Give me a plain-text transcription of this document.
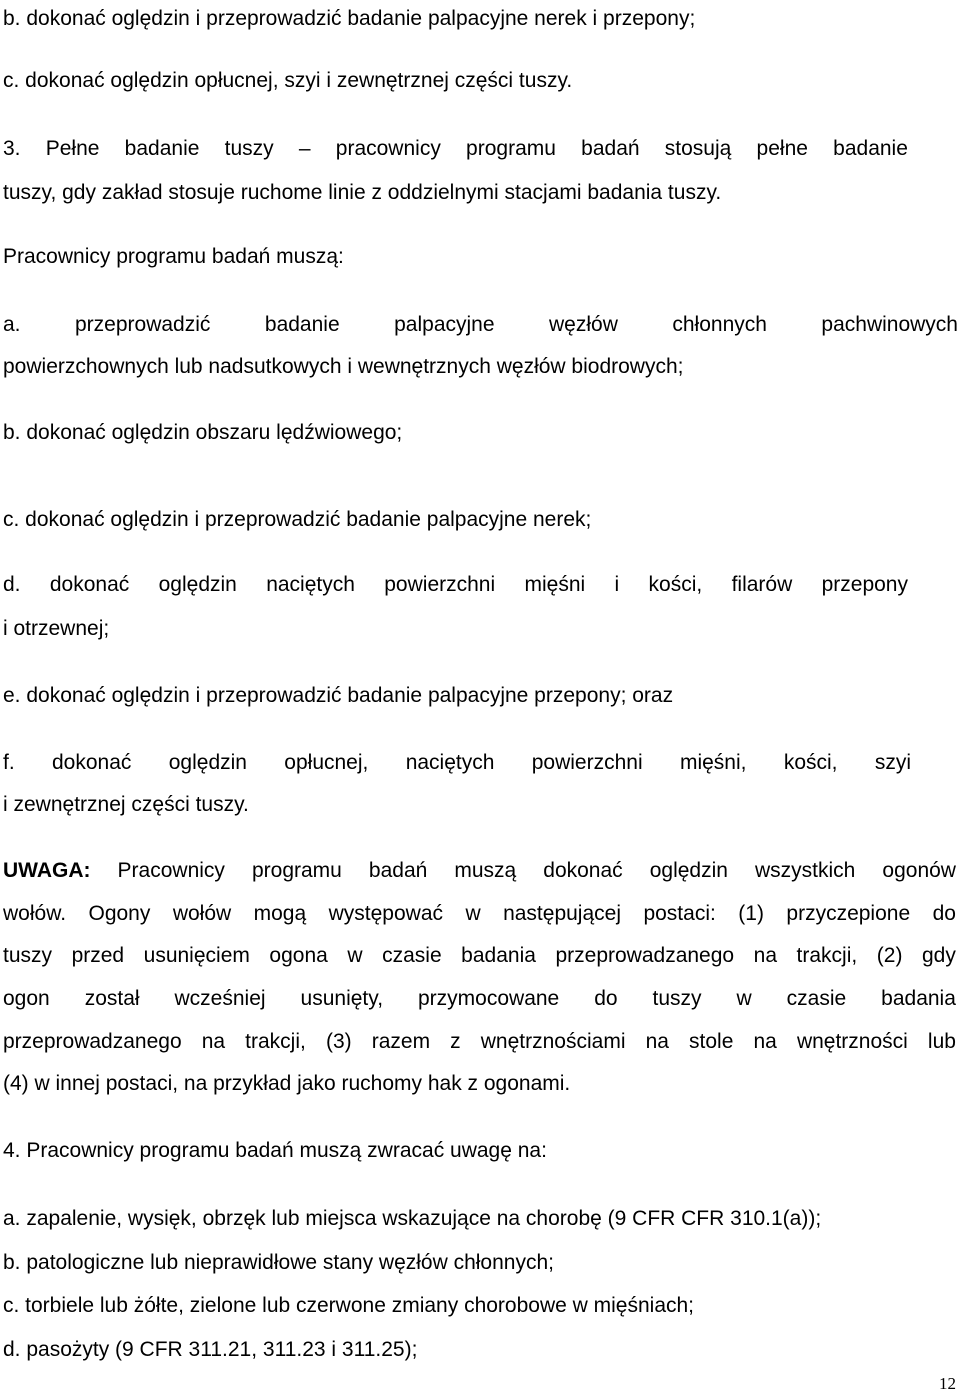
b. dokonać oględzin i przeprowadzić badanie palpacyjne nerek i przepony;
c. dokonać oględzin opłucnej, szyi i zewnętrznej części tuszy.
3. Pełne badanie tuszy – pracownicy programu badań stosują pełne badanie
tuszy, gdy zakład stosuje ruchome linie z oddzielnymi stacjami badania tuszy.
Pracownicy programu badań muszą:
a.	przeprowadzić	badanie	palpacyjne	węzłów	chłonnych	pachwinowych
powierzchownych lub nadsutkowych i wewnętrznych węzłów biodrowych;
b. dokonać oględzin obszaru lędźwiowego;
c. dokonać oględzin i przeprowadzić badanie palpacyjne nerek;
d. dokonać oględzin naciętych powierzchni mięśni i kości, filarów przepony
i otrzewnej;
e. dokonać oględzin i przeprowadzić badanie palpacyjne przepony; oraz
f. dokonać oględzin opłucnej, naciętych powierzchni mięśni, kości, szyi
i zewnętrznej części tuszy.
UWAGA: Pracownicy programu badań muszą dokonać oględzin wszystkich ogonów
wołów. Ogony wołów mogą występować w następującej postaci: (1) przyczepione do
tuszy przed usunięciem ogona w czasie badania przeprowadzanego na trakcji, (2) gdy
ogon został wcześniej usunięty, przymocowane do tuszy w czasie badania
przeprowadzanego na trakcji, (3) razem z wnętrznościami na stole na wnętrzności lub
(4) w innej postaci, na przykład jako ruchomy hak z ogonami.
4. Pracownicy programu badań muszą zwracać uwagę na:
a. zapalenie, wysięk, obrzęk lub miejsca wskazujące na chorobę (9 CFR CFR 310.1(a));
b. patologiczne lub nieprawidłowe stany węzłów chłonnych;
c. torbiele lub żółte, zielone lub czerwone zmiany chorobowe w mięśniach;
d. pasożyty (9 CFR 311.21, 311.23 i 311.25);
12
